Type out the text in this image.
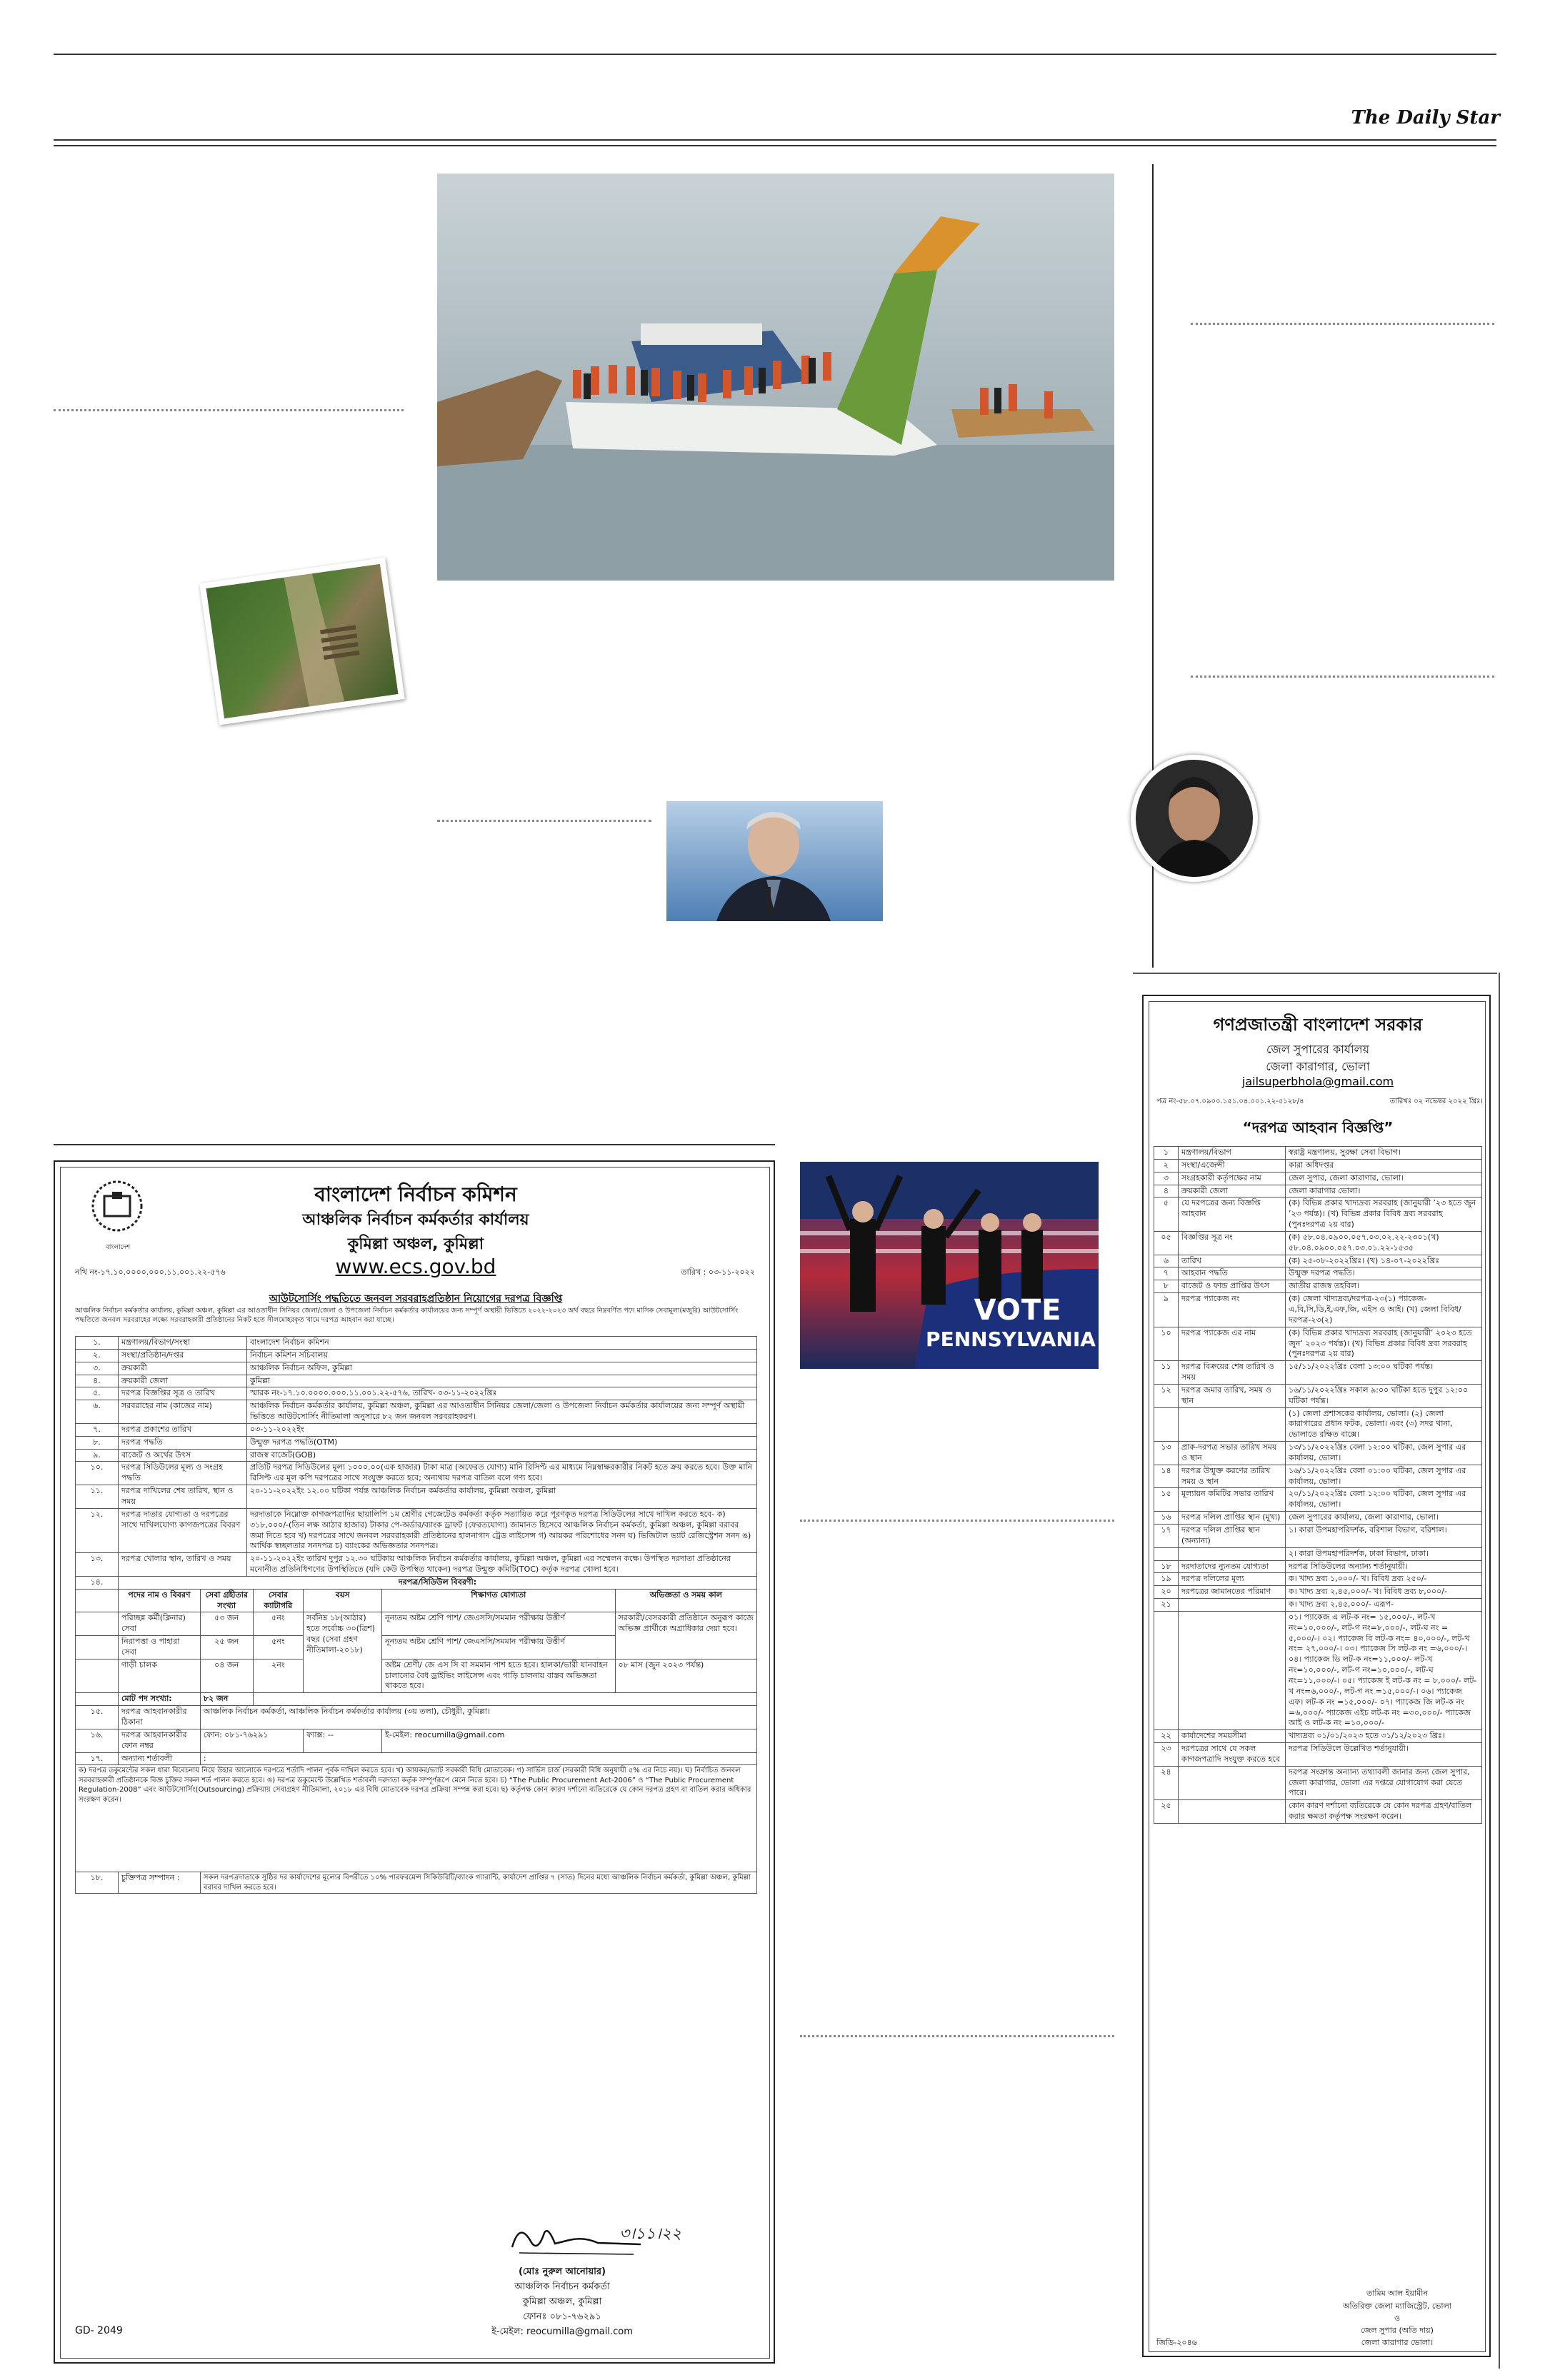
The Daily Star
VOTE
PENNSYLVANIA
গণপ্রজাতন্ত্রী বাংলাদেশ সরকার
জেল সুপারের কার্যালয়
জেলা কারাগার, ভোলা
jailsuperbhola@gmail.com
পত্র নং-৫৮.০৭.০৯০০.১৫১.০৪.০০১.২২-৫১২৮/৪	তারিখঃ ০২ নভেম্বর ২০২২ খ্রিঃ।
“দরপত্র আহবান বিজ্ঞপ্তি”
১	মন্ত্রণালয়/বিভাগ	স্বরাষ্ট্র মন্ত্রণালয়, সুরক্ষা সেবা বিভাগ।
২	সংস্থা/এজেন্সী	কারা অধিদপ্তর
৩	সংগ্রহকারী কর্তৃপক্ষের নাম	জেল সুপার, জেলা কারাগার, ভোলা।
৪	ক্রয়কারী জেলা	জেলা কারাগার ভোলা।
৫	যে দরপত্রের জন্য বিজ্ঞপ্তি আহবান	(ক) বিভিন্ন প্রকার খাদ্যদ্রব্য সরবরাহ (জানুয়ারী ’২৩ হতে জুন ’২৩ পর্যন্ত)। (খ) বিভিন্ন প্রকার বিবিধ দ্রব্য সরবরাহ (পুনঃদরপত্র ২য় বার)
০৫	বিজ্ঞপ্তির সূত্র নং	(ক) ৫৮.০৪.০৯০০.০৫৭.০৩.০২.২২-২৩০১(খ) ৫৮.০৪.০৯০০.০৫৭.০৩.০১.২২-১৫৩৫
৬	তারিখ	(ক) ২৫-০৮-২০২২খ্রিঃ। (খ) ১৪-০৭-২০২২খ্রিঃ
৭	আহবান পদ্ধতি	উন্মুক্ত দরপত্র পদ্ধতি।
৮	বাজেট ও ফান্ড প্রাপ্তির উৎস	জাতীয় রাজস্ব তহবিল।
৯	দরপত্র প্যাকেজ নং	(ক) জেলা খাদ্যদ্রব্য/দরপত্র-২৩(১) প্যাকেজ-এ,বি,সি,ডি,ই,এফ,জি, এইস ও আই। (খ) জেলা বিবিধ/দরপত্র-২৩(২)
১০	দরপত্র প্যাকেজ এর নাম	(ক) বিভিন্ন প্রকার খাদ্যদ্রব্য সরবরাহ (জানুয়ারী’ ২০২৩ হতে জুন’ ২০২৩ পর্যন্ত)। (খ) বিভিন্ন প্রকার বিবিধ দ্রব্য সরবরাহ (পুনঃদরপত্র ২য় বার)
১১	দরপত্র বিক্রয়ের শেষ তারিখ ও সময়	১৫/১১/২০২২খ্রিঃ বেলা ১৩:০০ ঘটিকা পর্যন্ত।
১২	দরপত্র জমার তারিখ, সময় ও স্থান	১৬/১১/২০২২খ্রিঃ সকাল ৯:০০ ঘটিকা হতে দুপুর ১২:০০ ঘটিকা পর্যন্ত।
		(১) জেলা প্রশাসকের কার্যালয়, ভোলা। (২) জেলা কারাগারের প্রধান ফটক, ভোলা। এবং (৩) সদর থানা, ভোলাতে রক্ষিত বাক্সে।
১৩	প্রাক-দরপত্র সভার তারিখ সময় ও স্থান	১৩/১১/২০২২খ্রিঃ বেলা ১২:০০ ঘটিকা, জেল সুপার এর কার্যালয়, ভোলা।
১৪	দরপত্র উন্মুক্ত করণের তারিখ সময় ও স্থান	১৬/১১/২০২২খ্রিঃ বেলা ০১:০০ ঘটিকা, জেল সুপার এর কার্যালয়, ভোলা।
১৫	মূল্যায়ন কমিটির সভার তারিখ	২০/১১/২০২২খ্রিঃ বেলা ১২:০০ ঘটিকা, জেল সুপার এর কার্যালয়, ভোলা।
১৬	দরপত্র দলিল প্রাপ্তির স্থান (মূখ্য)	জেল সুপারের কার্যালয়, জেলা কারাগার, ভোলা।
১৭	দরপত্র দলিল প্রাপ্তির স্থান (অন্যান্য)	১। কারা উপমহাপরিদর্শক, বরিশাল বিভাগ, বরিশাল।
		২। কারা উপমহাপরিদর্শক, ঢাকা বিভাগ, ঢাকা।
১৮	দরদাতাদের ন্যুনতম যোগ্যতা	দরপত্র সিডিউলের অন্যান্য শর্তানুযায়ী।
১৯	দরপত্র দলিলের মূল্য	ক। খাদ্য দ্রব্য ১,০০০/- খ। বিবিধ দ্রব্য ২৫০/-
২০	দরপত্রের জামানতের পরিমাণ	ক। খাদ্য দ্রব্য ২,৪৫,০০০/- খ। বিবিধ দ্রব্য ৮,০০০/-
২১		ক। খাদ্য দ্রব্য ২,৪৫,০০০/- এরূপ-
		০১। প্যাকেজ এ লট-ক নং= ১৫,০০০/-, লট-খ নং=১০,০০০/-, লট-গ নং=৮,০০০/-, লট-ঘ নং = ৫,০০০/-। ০২। প্যাকেজ বি লট-ক নং= ৪০,০০০/-, লট-খ নং= ২৭,০০০/-। ০৩। প্যাকেজ সি লট-ক নং =৬,০০০/-। ০৪। প্যাকেজ ডি লট-ক নং=১১,০০০/- লট-খ নং=১০,০০০/-, লট-গ নং=১০,০০০/-, লট-ঘ নং=১১,০০০/-। ০৫। প্যাকেজ ই লট-ক নং = ৮,০০০/- লট-খ নং=৬,০০০/-, লট-গ নং =১৫,০০০/-। ০৬। প্যাকেজ এফ। লট-ক নং =১৫,০০০/- ০৭। প্যাকেজ জি লট-ক নং =৬,০০০/- প্যাকেজ এইচ লট-ক নং =৩০,০০০/- প্যাকেজ আই ও লট-ক নং =১০,০০০/-
২২	কার্যাদেশের সময়সীমা	খাদ্যদ্রব্য ০১/০১/২০২৩ হতে ৩১/১২/২০২৩ খ্রিঃ।
২৩	দরপত্রের সাথে যে সকল কাগজপত্রাদি সংযুক্ত করতে হবে	দরপত্র সিডিউলে উল্লেখিত শর্তানুযায়ী।
২৪		দরপত্র সংক্রান্ত অন্যান্য তথ্যাবলী জানার জন্য জেল সুপার, জেলা কারাগার, ভোলা এর দপ্তরে যোগাযোগ করা যেতে পারে।
২৫		কোন কারণ দর্শানো ব্যতিরেকে যে কোন দরপত্র গ্রহণ/বাতিল করার ক্ষমতা কর্তৃপক্ষ সংরক্ষণ করেন।
তামিম আল ইয়ামীন
অতিরিক্ত জেলা ম্যাজিস্ট্রেট, ভোলা
ও
জেল সুপার (অতি দায়)
জেলা কারাগার ভোলা।
জিডি-২০৪৬
বাংলাদেশ
বাংলাদেশ নির্বাচন কমিশন
আঞ্চলিক নির্বাচন কর্মকর্তার কার্যালয়
কুমিল্লা অঞ্চল, কুমিল্লা
www.ecs.gov.bd
নথি নং-১৭.১০.০০০০.০০০.১১.০০১.২২-৫৭৬	তারিখ : ০৩-১১-২০২২
আউটসোর্সিং পদ্ধতিতে জনবল সরবরাহপ্রতিষ্ঠান নিয়োগের দরপত্র বিজ্ঞপ্তি
আঞ্চলিক নির্বাচন কর্মকর্তার কার্যালয়, কুমিল্লা অঞ্চল, কুমিল্লা এর আওতাধীন সিনিয়র জেলা/জেলা ও উপজেলা নির্বাচন কর্মকর্তার কার্যালয়ের জন্য সম্পূর্ণ অস্থায়ী ভিত্তিতে ২০২২-২০২৩ অর্থ বছরে নিম্নবর্ণিত পদে মাসিক সেবামূল্য(মজুরি) আউটসোর্সিং পদ্ধতিতে জনবল সরবরাহের লক্ষ্যে সরবরাহকারী প্রতিষ্ঠানের নিকট হতে সীলমোহরকৃত খামে দরপত্র আহবান করা যাচ্ছে।
১.	মন্ত্রণালয়/বিভাগ/সংস্থা	বাংলাদেশ নির্বাচন কমিশন
২.	সংস্থা/প্রতিষ্ঠান/দপ্তর	নির্বাচন কমিশন সচিবালয়
৩.	ক্রয়কারী	আঞ্চলিক নির্বাচন অফিস, কুমিল্লা
৪.	ক্রয়কারী জেলা	কুমিল্লা
৫.	দরপত্র বিজ্ঞপ্তির সূত্র ও তারিখ	স্মারক নং-১৭.১০.০০০০.০০০.১১.০০১.২২-৫৭৬, তারিখ- ০৩-১১-২০২২খ্রিঃ
৬.	সরবরাহের নাম (কাজের নাম)	আঞ্চলিক নির্বাচন কর্মকর্তার কার্যালয়, কুমিল্লা অঞ্চল, কুমিল্লা এর আওতাধীন সিনিয়র জেলা/জেলা ও উপজেলা নির্বাচন কর্মকর্তার কার্যালয়ের জন্য সম্পূর্ণ অস্থায়ী ভিত্তিতে আউটসোর্সিং নীতিমালা অনুসারে ৮২ জন জনবল সরবরাহকরণ।
৭.	দরপত্র প্রকাশের তারিখ	০৩-১১-২০২২ইং
৮.	দরপত্র পদ্ধতি	উন্মুক্ত দরপত্র পদ্ধতি(OTM)
৯.	বাজেট ও অর্থের উৎস	রাজস্ব বাজেট(GOB)
১০.	দরপত্র সিডিউলের মূল্য ও সংগ্রহ পদ্ধতি	প্রতিটি দরপত্র সিডিউলের মূল্য ১০০০.০০(এক হাজার) টাকা মাত্র (অফেরত যোগ্য) মানি রিসিপ্ট এর মাধ্যমে নিম্নস্বাক্ষরকারীর নিকট হতে ক্রয় করতে হবে। উক্ত মানি রিসিপ্ট এর মূল কপি দরপত্রের সাথে সংযুক্ত করতে হবে; অন্যথায় দরপত্র বাতিল বলে গণ্য হবে।
১১.	দরপত্র দাখিলের শেষ তারিখ, স্থান ও সময়	২০-১১-২০২২ইং ১২.০০ ঘটিকা পর্যন্ত আঞ্চলিক নির্বাচন কর্মকর্তার কার্যালয়, কুমিল্লা অঞ্চল, কুমিল্লা
১২.	দরপত্র দাতার যোগ্যতা ও দরপত্রের সাথে দাখিলযোগ্য কাগজপত্রের বিবরণ	দরদাতাকে নিম্নোক্ত কাগজপত্রাদির ছায়ালিপি ১ম শ্রেণীর গেজেটেড কর্মকর্তা কর্তৃক সত্যায়িত করে পূরণকৃত দরপত্র সিডিউলের সাথে দাখিল করতে হবে- ক) ৩১৮,০০০/-(তিন লক্ষ আঠার হাজার) টাকার পে-অর্ডার/ব্যাংক ড্রাফট (ফেরতযোগ্য) জামানত হিসেবে আঞ্চলিক নির্বাচন কর্মকর্তা, কুমিল্লা অঞ্চল, কুমিল্লা বরাবর জমা দিতে হবে খ) দরপত্রের সাথে জনবল সরবরাহকারী প্রতিষ্ঠানের হালনাগাদ ট্রেড লাইসেন্স গ) আয়কর পরিশোধের সনদ ঘ) ভিজিটাল ভ্যাট রেজিস্ট্রেশন সনদ ঙ) আর্থিক স্বচ্ছলতার সনদপত্র চ) ব্যাংকের অভিজ্ঞতার সনদপত্র।
১৩.	দরপত্র খোলার স্থান, তারিখ ও সময়	২০-১১-২০২২ইং তারিখ দুপুর ১২.৩০ ঘটিকায় আঞ্চলিক নির্বাচন কর্মকর্তার কার্যালয়, কুমিল্লা অঞ্চল, কুমিল্লা এর সম্মেলন কক্ষে। উপস্থিত দরদাতা প্রতিষ্ঠানের মনোনীত প্রতিনিধিগণের উপস্থিতিতে (যদি কেউ উপস্থিত থাকেন) দরপত্র উন্মুক্ত কমিটি(TOC) কর্তৃক দরপত্র খোলা হবে।
১৪.	দরপত্র/সিডিউল বিবরণী:					
	পদের নাম ও বিবরণ	সেবা গ্রহীতার সংখ্যা	সেবার ক্যাটাগরি	বয়স	শিক্ষাগত যোগ্যতা	অভিজ্ঞতা ও সময় কাল
	পরিচ্ছন্ন কর্মী(ক্লিনার) সেবা	৫৩ জন	৫নং	সর্বনিম্ন ১৮(আঠার) হতে সর্বোচ্চ ৩০(ত্রিশ) বছর (সেবা গ্রহণ নীতিমালা-২০১৮)	নূন্যতম অষ্টম শ্রেণি পাশ/ জেএসসি/সমমান পরীক্ষায় উত্তীর্ণ	সরকারী/বেসরকারী প্রতিষ্ঠানে অনুরূপ কাজে অভিজ্ঞ প্রার্থীকে অগ্রাধিকার দেয়া হবে।
	নিরাপত্তা ও পাহারা সেবা	২৫ জন	৫নং		নূন্যতম অষ্টম শ্রেণি পাশ/ জেএসসি/সমমান পরীক্ষায় উত্তীর্ণ	
	গাড়ী চালক	০৪ জন	২নং		অষ্টম শ্রেণী/ জে এস সি বা সমমান পাশ হতে হবে। হালকা/ভারী যানবাহন চালানোর বৈধ ড্রাইভিং লাইসেন্স এবং গাড়ি চালনায় বাস্তব অভিজ্ঞতা থাকতে হবে।	০৮ মাস (জুন ২০২৩ পর্যন্ত)
	মোট পদ সংখ্যা:	৮২ জন				
১৫.	দরপত্র আহবানকারীর ঠিকানা	আঞ্চলিক নির্বাচন কর্মকর্তা, আঞ্চলিক নির্বাচন কর্মকর্তার কার্যালয় (৩য় তলা), চৌধুরী, কুমিল্লা।				
১৬.	দরপত্র আহবানকারীর ফোন নম্বর	ফোন: ০৮১-৭৬২৯১		ফ্যাক্স: --	ই-মেইল: reocumilla@gmail.com	
১৭.	অন্যান্য শর্তাবলী	:				
ক) দরপত্র ডকুমেন্টের সকল ধারা বিবেচনায় নিয়ে উহার আলোকে দরপত্রে শর্তাদি পালন পূর্বক দাখিল করতে হবে। খ) আয়কর/ভ্যাট সরকারী বিধি মোতাবেক। গ) সার্ভিস চার্জ (সরকারী বিধি অনুযায়ী ৫% এর নিচে নয়)। ঘ) নির্বাচিত জনবল সরবরাহকারী প্রতিষ্ঠানকে বিজ্ঞ চুক্তির সকল শর্ত পালন করতে হবে। ঙ) দরপত্র ডকুমেন্টে উল্লেখিত শর্তাবলী দরদাতা কর্তৃক সম্পূর্ণরূপে মেনে নিতে হবে। চ) “The Public Procurement Act-2006” ও “The Public Procurement Regulation-2008” এবং আউটসোর্সিং(Outsourcing) প্রক্রিয়ায় সেবাগ্রহণ নীতিমালা, ২০১৮ এর বিধি মোতাবেক দরপত্র প্রক্রিয়া সম্পন্ন করা হবে। ছ) কর্তৃপক্ষ কোন কারণ দর্শানো ব্যতিরেকে যে কোন দরপত্র গ্রহণ বা বাতিল করার অধিকার সংরক্ষণ করেন।						
১৮.	চুক্তিপত্র সম্পাদন :	সকল দরপত্রদাতাকে সুষ্ঠির দর কার্যাদেশের মূল্যের বিপরীতে ১০% পারফরমেন্স সিকিউরিটি/ব্যাংক গ্যারান্টি, কার্যাদেশ প্রাপ্তির ৭ (সাত) দিনের মধ্যে আঞ্চলিক নির্বাচন কর্মকর্তা, কুমিল্লা অঞ্চল, কুমিল্লা বরাবর দাখিল করতে হবে।				
৩।১১।২২
(মোঃ নুরুল আনোয়ার)
আঞ্চলিক নির্বাচন কর্মকর্তা
কুমিল্লা অঞ্চল, কুমিল্লা
ফোনঃ ০৮১-৭৬২৯১
ই-মেইল: reocumilla@gmail.com
GD- 2049
